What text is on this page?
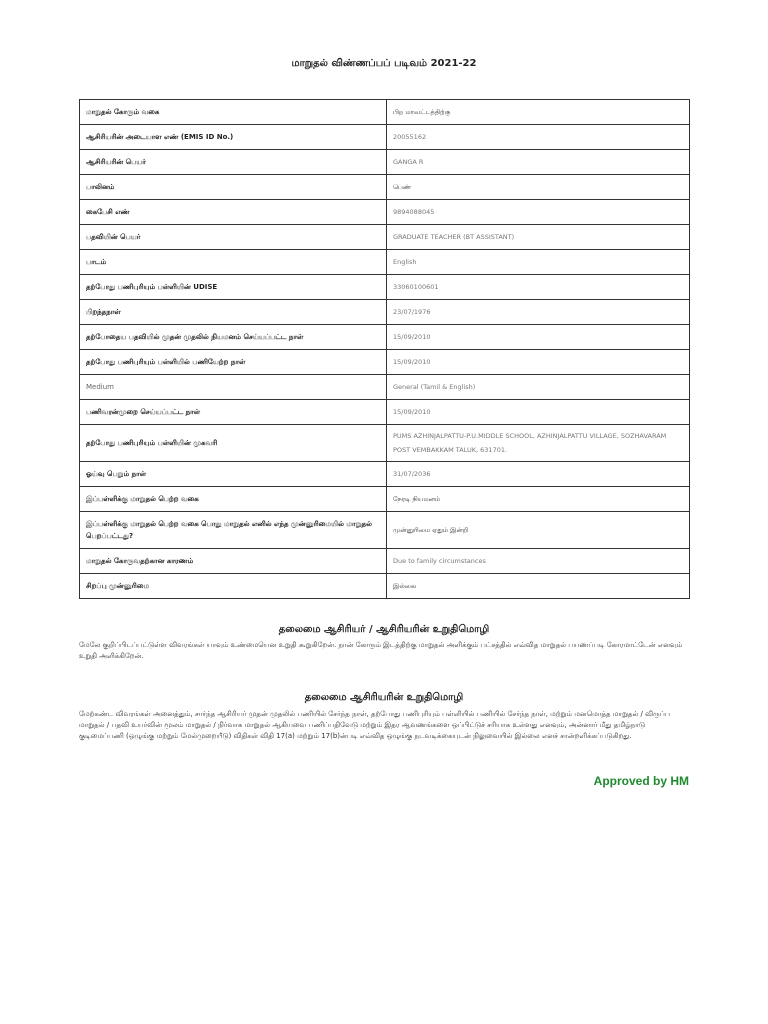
மாறுதல் விண்ணப்பப் படிவம் 2021-22
மாறுதல் கோரும் வகை	பிற மாவட்டத்திற்கு
ஆசிரியரின் அடையாள எண் (EMIS ID No.)	20055162
ஆசிரியரின் பெயர்	GANGA R
பாலினம்	பெண்
கைபேசி எண்	9894088045
பதவியின் பெயர்	GRADUATE TEACHER (BT ASSISTANT)
பாடம்	English
தற்போது பணிபுரியும் பள்ளியின் UDISE	33060100601
பிறந்தநாள்	23/07/1976
தற்போதைய பதவியில் முதன் முதலில் நியமனம் செய்யப்பட்ட நாள்	15/09/2010
தற்போது பணிபுரியும் பள்ளியில் பணியேற்ற நாள்	15/09/2010
Medium	General (Tamil & English)
பணிவரன்முறை செய்யப்பட்ட நாள்	15/09/2010
தற்போது பணிபுரியும் பள்ளியின் முகவரி	PUMS AZHINJALPATTU-P.U.MIDDLE SCHOOL, AZHINJALPATTU VILLAGE, SOZHAVARAM POST VEMBAKKAM TALUK, 631701.
ஓய்வு பெறும் நாள்	31/07/2036
இப்பள்ளிக்கு மாறுதல் பெற்ற வகை	நேரடி நியமனம்
இப்பள்ளிக்கு மாறுதல் பெற்ற வகை பொது மாறுதல் எனில் எந்த முன்னுரிமையில் மாறுதல் பெறப்பட்டது?	முன்னுரிமை ஏதும் இன்றி
மாறுதல் கோருவதற்கான காரணம்	Due to family circumstances
சிறப்பு முன்னுரிமை	இல்லை
தலைமை ஆசிரியர் / ஆசிரியரின் உறுதிமொழி
மேலே குறிப்பிடப்பட்டுள்ள விவரங்கள் யாவும் உண்மையென உறுதி கூறுகிறேன். நான் கோரும் இடத்திற்கு மாறுதல் அளிக்கும் பட்சத்தில் எவ்வித மாறுதல் பயணப்படி கோரமாட்டேன் எனவும் உறுதி அளிக்கிறேன்.
தலைமை ஆசிரியரின் உறுதிமொழி
மேற்கண்ட விவரங்கள் அனைத்தும், சார்ந்த ஆசிரியர் முதன் முதலில் பணியில் சேர்ந்த நாள், தற்போது பணிபுரியும் பள்ளியில் பணியில் சேர்ந்த நாள், மற்றும் மனமொத்த மாறுதல் / விருப்ப மாறுதல் / பதவி உயர்வின் மூலம் மாறுதல் / நிர்வாக மாறுதல் ஆகியவை பணிப்பதிவேடு மற்றும் இதர ஆவணங்களை ஒப்பிட்டுச் சரியாக உள்ளது எனவும், அன்னார் மீது தமிழ்நாடு குடிமைப்பணி (ஒழுங்கு மற்றும் மேல்முறையீடு) விதிகள் விதி 17(a) மற்றும் 17(b)ன்படி எவ்வித ஒழுங்கு நடவடிக்கையுடன் நிலுவையில் இல்லை எனச் சான்றளிக்கப்படுகிறது.
Approved by HM
